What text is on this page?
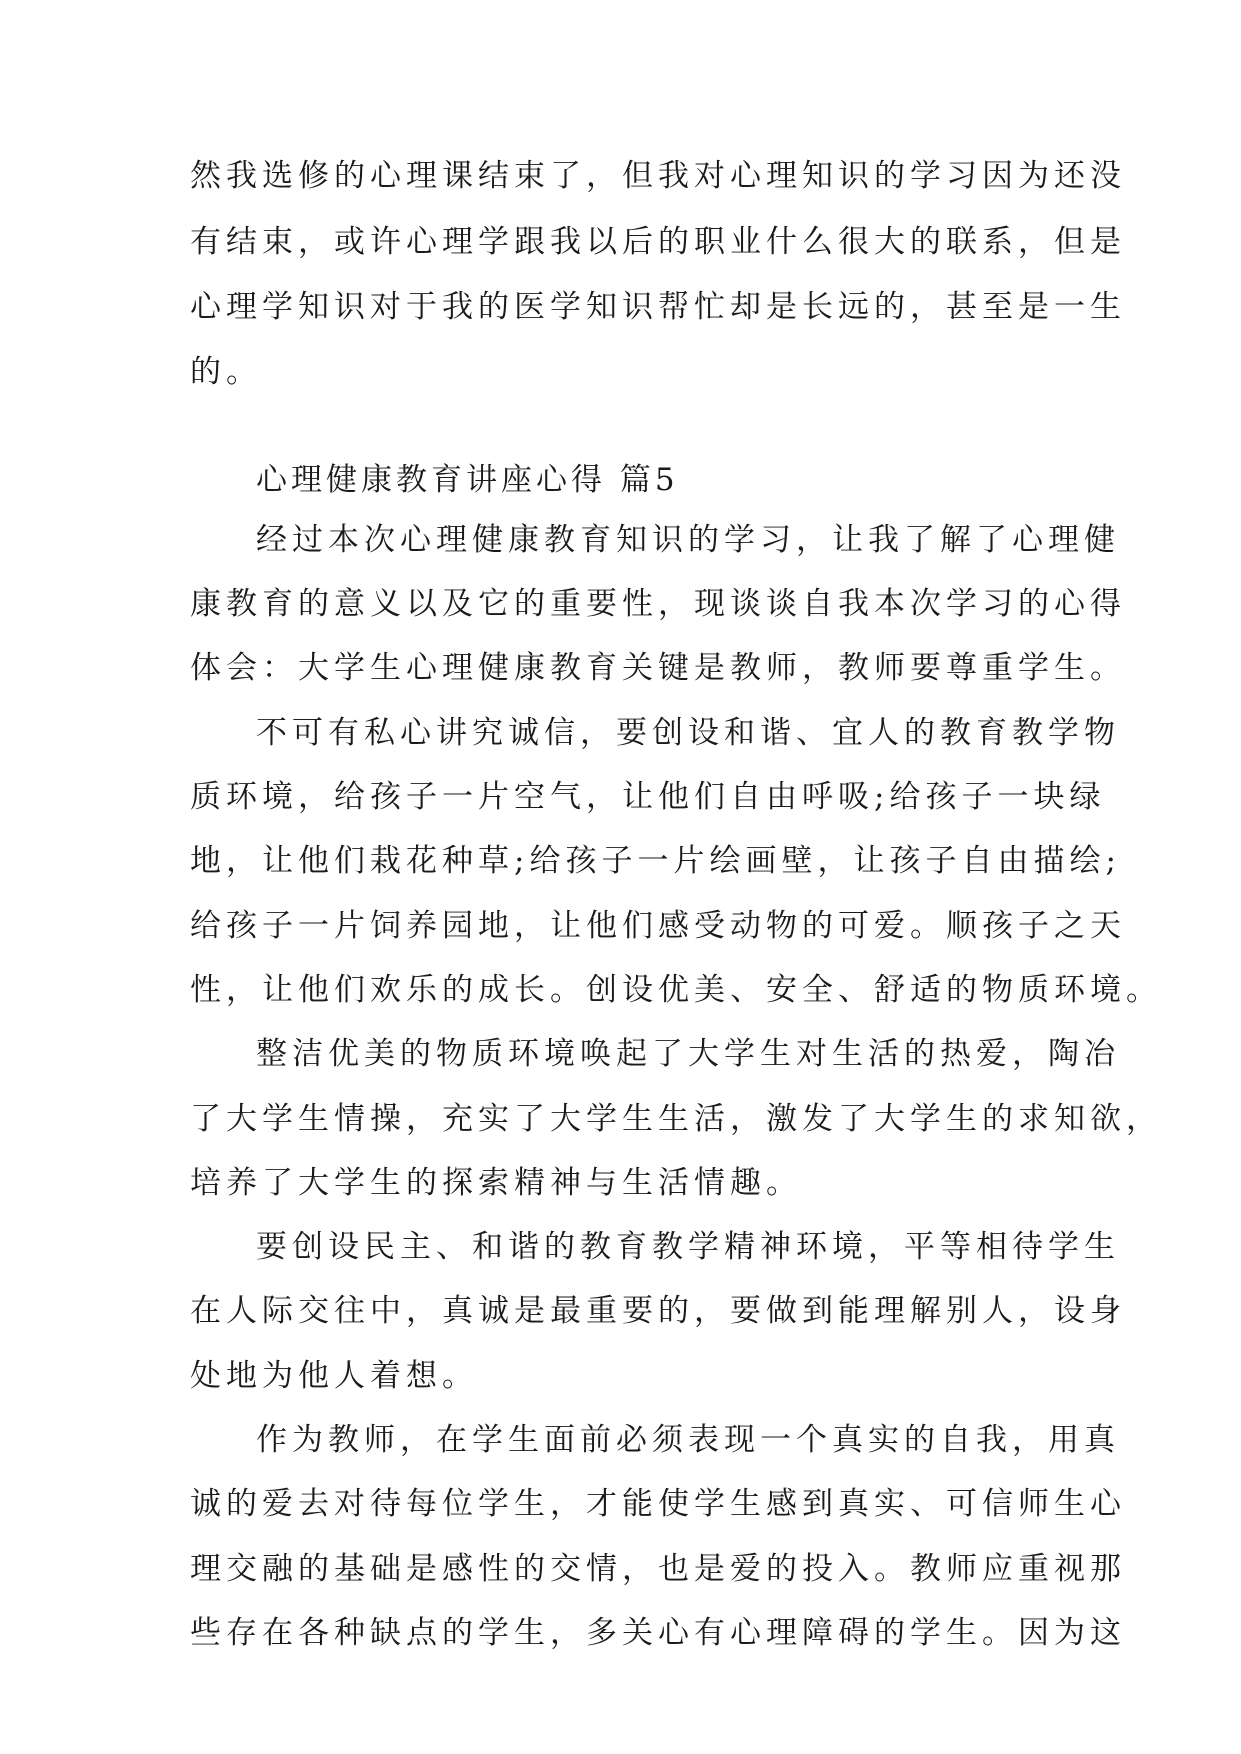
然我选修的心理课结束了，但我对心理知识的学习因为还没
有结束，或许心理学跟我以后的职业什么很大的联系，但是
心理学知识对于我的医学知识帮忙却是长远的，甚至是一生
的。
心理健康教育讲座心得 篇5
经过本次心理健康教育知识的学习，让我了解了心理健
康教育的意义以及它的重要性，现谈谈自我本次学习的心得
体会：大学生心理健康教育关键是教师，教师要尊重学生。
不可有私心讲究诚信，要创设和谐、宜人的教育教学物
质环境，给孩子一片空气，让他们自由呼吸;给孩子一块绿
地，让他们栽花种草;给孩子一片绘画壁，让孩子自由描绘;
给孩子一片饲养园地，让他们感受动物的可爱。顺孩子之天
性，让他们欢乐的成长。创设优美、安全、舒适的物质环境。
整洁优美的物质环境唤起了大学生对生活的热爱，陶冶
了大学生情操，充实了大学生生活，激发了大学生的求知欲，
培养了大学生的探索精神与生活情趣。
要创设民主、和谐的教育教学精神环境，平等相待学生
在人际交往中，真诚是最重要的，要做到能理解别人，设身
处地为他人着想。
作为教师，在学生面前必须表现一个真实的自我，用真
诚的爱去对待每位学生，才能使学生感到真实、可信师生心
理交融的基础是感性的交情，也是爱的投入。教师应重视那
些存在各种缺点的学生，多关心有心理障碍的学生。因为这
